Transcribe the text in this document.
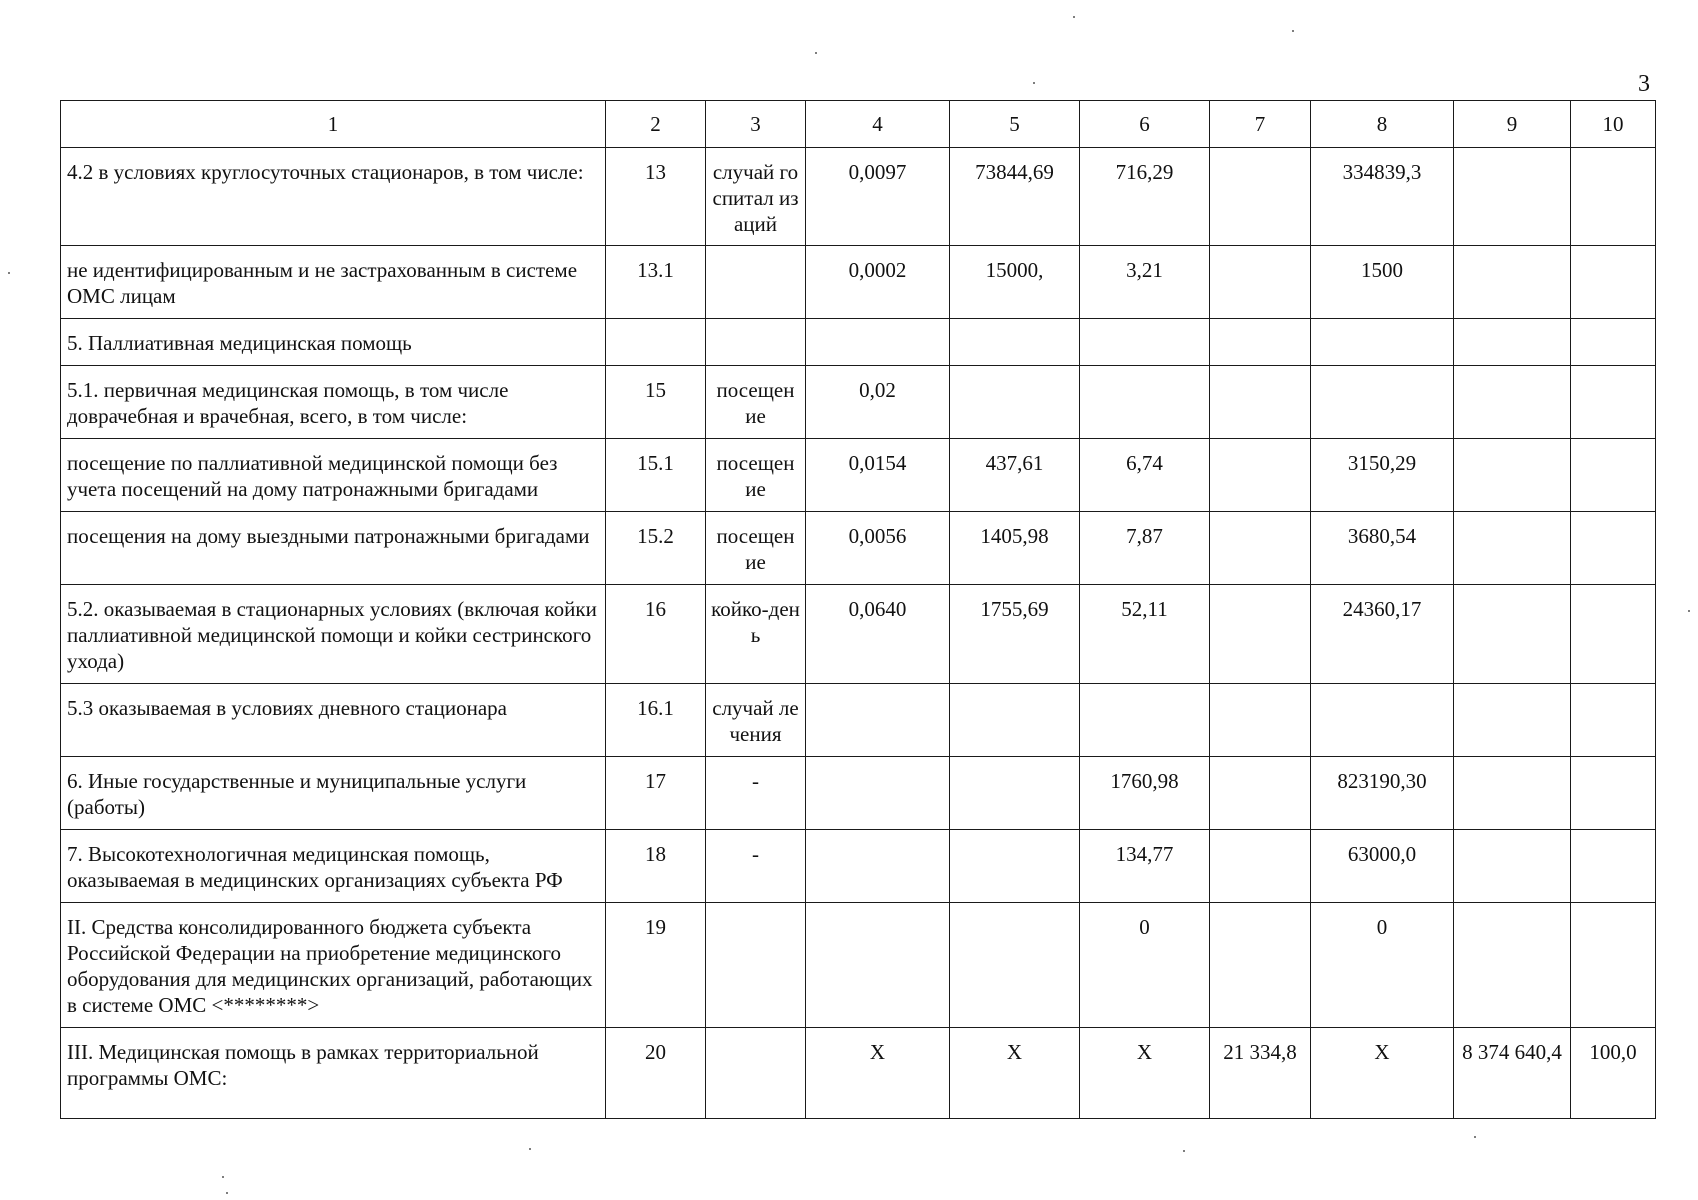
3
1	2	3	4	5	6	7	8	9	10
4.2 в условиях круглосуточных стационаров, в том числе:	13	случай госпитал изаций	0,0097	73844,69	716,29		334839,3		
не идентифицированным и не застрахованным в системе ОМС лицам	13.1		0,0002	15000,	3,21		1500		
5. Паллиативная медицинская помощь									
5.1. первичная медицинская помощь, в том числе доврачебная и врачебная, всего, в том числе:	15	посещен ие	0,02						
посещение по паллиативной медицинской помощи без учета посещений на дому патронажными бригадами	15.1	посещен ие	0,0154	437,61	6,74		3150,29		
посещения на дому выездными патронажными бригадами	15.2	посещен ие	0,0056	1405,98	7,87		3680,54		
5.2. оказываемая в стационарных условиях (включая койки паллиативной медицинской помощи и койки сестринского ухода)	16	койко-день	0,0640	1755,69	52,11		24360,17		
5.3 оказываемая в условиях дневного стационара	16.1	случай лечения							
6. Иные государственные и муниципальные услуги (работы)	17	-			1760,98		823190,30		
7. Высокотехнологичная медицинская помощь, оказываемая в медицинских организациях субъекта РФ	18	-			134,77		63000,0		
II. Средства консолидированного бюджета субъекта Российской Федерации на приобретение медицинского оборудования для медицинских организаций, работающих в системе ОМС <********>	19				0		0		
III. Медицинская помощь в рамках территориальной программы ОМС:	20		Х	Х	Х	21 334,8	Х	8 374 640,4	100,0
